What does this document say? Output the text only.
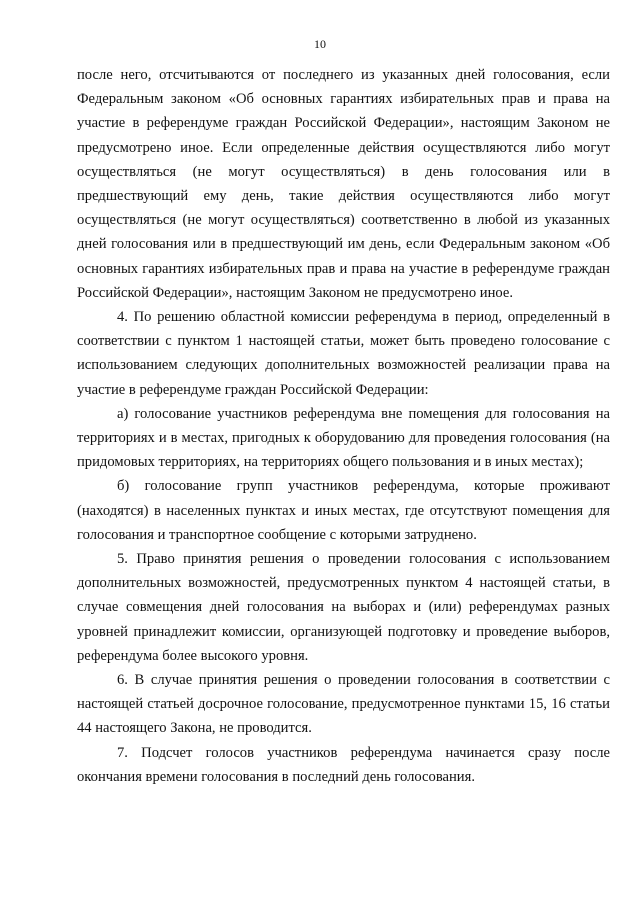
10

после него, отсчитываются от последнего из указанных дней голосования, если Федеральным законом «Об основных гарантиях избирательных прав и права на участие в референдуме граждан Российской Федерации», настоящим Законом не предусмотрено иное. Если определенные действия осуществляются либо могут осуществляться (не могут осуществляться) в день голосования или в предшествующий ему день, такие действия осуществляются либо могут осуществляться (не могут осуществляться) соответственно в любой из указанных дней голосования или в предшествующий им день, если Федеральным законом «Об основных гарантиях избирательных прав и права на участие в референдуме граждан Российской Федерации», настоящим Законом не предусмотрено иное.

4. По решению областной комиссии референдума в период, определенный в соответствии с пунктом 1 настоящей статьи, может быть проведено голосование с использованием следующих дополнительных возможностей реализации права на участие в референдуме граждан Российской Федерации:

а) голосование участников референдума вне помещения для голосования на территориях и в местах, пригодных к оборудованию для проведения голосования (на придомовых территориях, на территориях общего пользования и в иных местах);

б) голосование групп участников референдума, которые проживают (находятся) в населенных пунктах и иных местах, где отсутствуют помещения для голосования и транспортное сообщение с которыми затруднено.

5. Право принятия решения о проведении голосования с использованием дополнительных возможностей, предусмотренных пунктом 4 настоящей статьи, в случае совмещения дней голосования на выборах и (или) референдумах разных уровней принадлежит комиссии, организующей подготовку и проведение выборов, референдума более высокого уровня.

6. В случае принятия решения о проведении голосования в соответствии с настоящей статьей досрочное голосование, предусмотренное пунктами 15, 16 статьи 44 настоящего Закона, не проводится.

7. Подсчет голосов участников референдума начинается сразу после окончания времени голосования в последний день голосования.
